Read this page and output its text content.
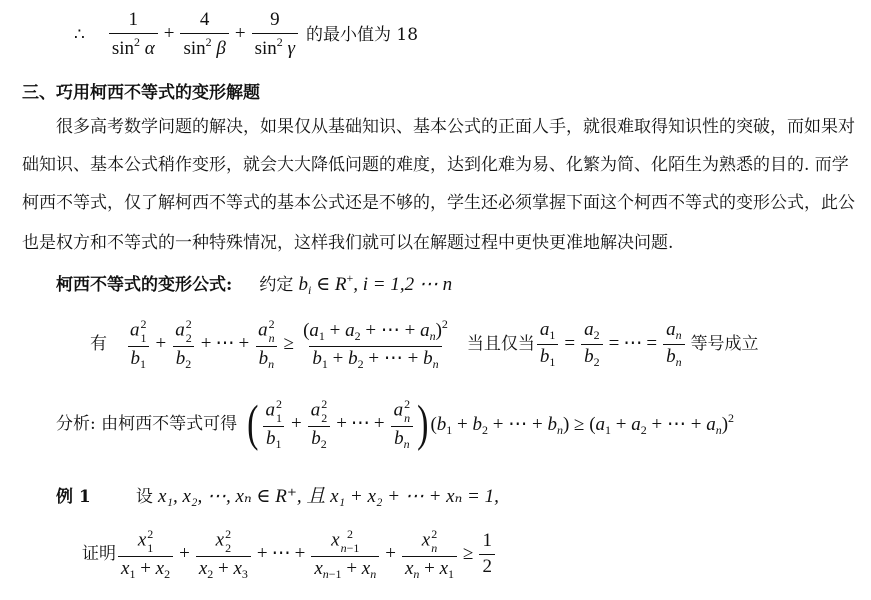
∴ $\frac{1}{\sin^2 \alpha} + \frac{4}{\sin^2 \beta} + \frac{9}{\sin^2 \gamma}$ 的最小值为 18
三、巧用柯西不等式的变形解题
很多高考数学问题的解决，如果仅从基础知识、基本公式的正面人手，就很难取得知识性的突破，而如果对
础知识、基本公式稍作变形，就会大大降低问题的难度，达到化难为易、化繁为简、化陌生为熟悉的目的. 而学
柯西不等式，仅了解柯西不等式的基本公式还是不够的，学生还必须掌握下面这个柯西不等式的变形公式，此公
也是权方和不等式的一种特殊情况，这样我们就可以在解题过程中更快更准地解决问题.
柯西不等式的变形公式: 约定 $b_i$ ∈ R+, i = 1,2 ⋯ n
有 a 2
1
$b_1 + a$ 2
2
$b_2$ + ⋯ + a 2
n
$b_n \ge \frac{(a_1 + a_2 + \cdots + a_n)^2}{b_1 + b_2 + \cdots + b_n}$ 当且仅当 $\frac{a_1}{b_1} = \frac{a_2}{b_2}$ = ⋯ = $\frac{a_n}{b_n}$ 等号成立
分析: 由柯西不等式可得 ( a 2
1
$b_1 + a$ 2
2
$b_2$ + ⋯ + a 2
n
$b_n$ ) ($b_1 + b_2$ + ⋯ + $b_n) \ge (a_1 + a_2$ + ⋯ + $a_n)^2$
例 1	设 x₁, x₂, ⋯, xₙ ∈ R⁺, 且 x₁ + x₂ + ⋯ + xₙ = 1,
证明 x 2
1
$x_1 + x_2 + x$ 2
2
$x_2 + x_3$ + ⋯ + x 2
n−1
$x_{n-1} + x_n + x$ 2
n
$x_n + x_1 \ge \frac{1}{2}$
